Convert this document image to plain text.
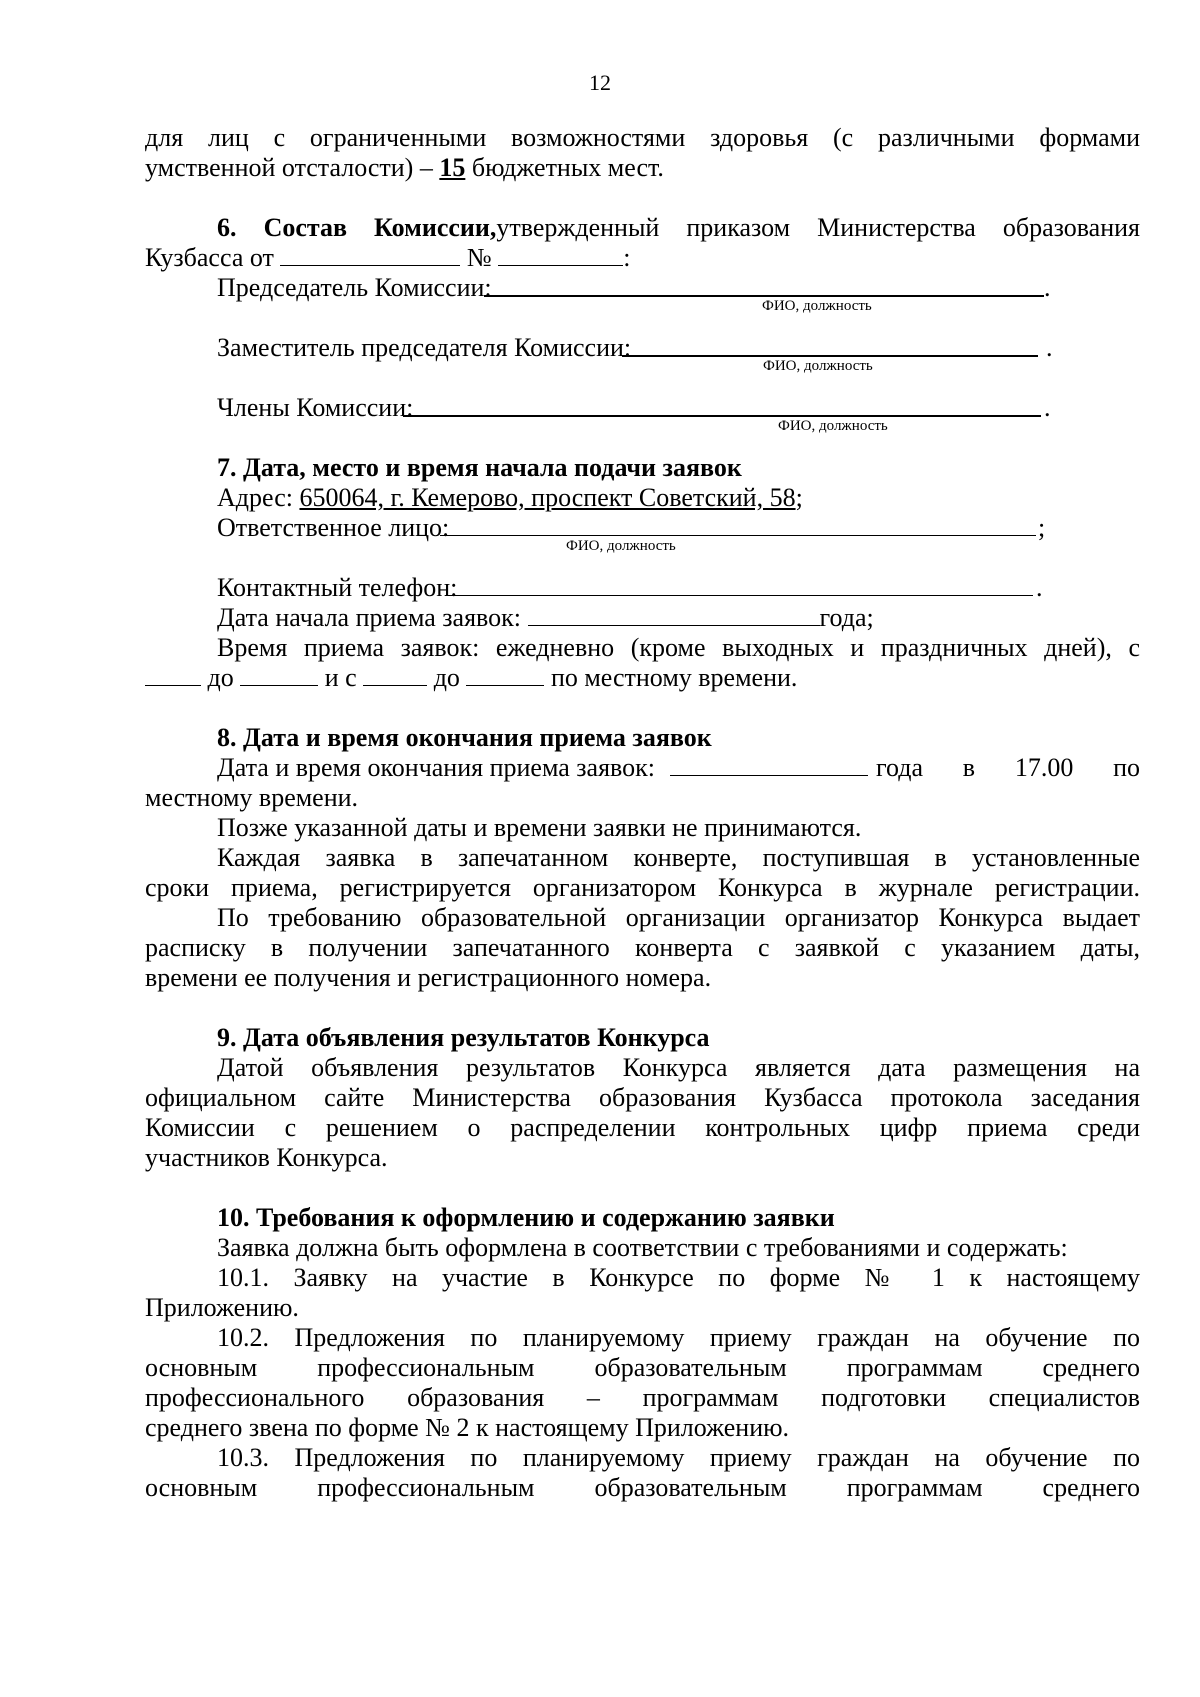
12
для лиц с ограниченными возможностями здоровья (с различными формами
умственной отсталости) – 15 бюджетных мест.
6. Состав Комиссии,утвержденный приказом Министерства образования
Кузбасса от	№	:
Председатель Комиссии:	.
ФИО, должность
Заместитель председателя Комиссии:	.
ФИО, должность
Члены Комиссии:	.
ФИО, должность
7. Дата, место и время начала подачи заявок
Адрес: 650064, г. Кемерово, проспект Советский, 58;
Ответственное лицо:	;
ФИО, должность
Контактный телефон:	.
Дата начала приема заявок:	года;
Время приема заявок: ежедневно (кроме выходных и праздничных дней), с
до	и с	до	по местному времени.
8. Дата и время окончания приема заявок
Дата и время окончания приема заявок:	года в 17.00 по
местному времени.
Позже указанной даты и времени заявки не принимаются.
Каждая заявка в запечатанном конверте, поступившая в установленные
сроки приема, регистрируется организатором Конкурса в журнале регистрации.
По требованию образовательной организации организатор Конкурса выдает
расписку в получении запечатанного конверта с заявкой с указанием даты,
времени ее получения и регистрационного номера.
9. Дата объявления результатов Конкурса
Датой объявления результатов Конкурса является дата размещения на
официальном сайте Министерства образования Кузбасса протокола заседания
Комиссии с решением о распределении контрольных цифр приема среди
участников Конкурса.
10. Требования к оформлению и содержанию заявки
Заявка должна быть оформлена в соответствии с требованиями и содержать:
10.1. Заявку на участие в Конкурсе по форме № 1 к настоящему
Приложению.
10.2. Предложения по планируемому приему граждан на обучение по
основным профессиональным образовательным программам среднего
профессионального образования – программам подготовки специалистов
среднего звена по форме № 2 к настоящему Приложению.
10.3. Предложения по планируемому приему граждан на обучение по
основным профессиональным образовательным программам среднего
